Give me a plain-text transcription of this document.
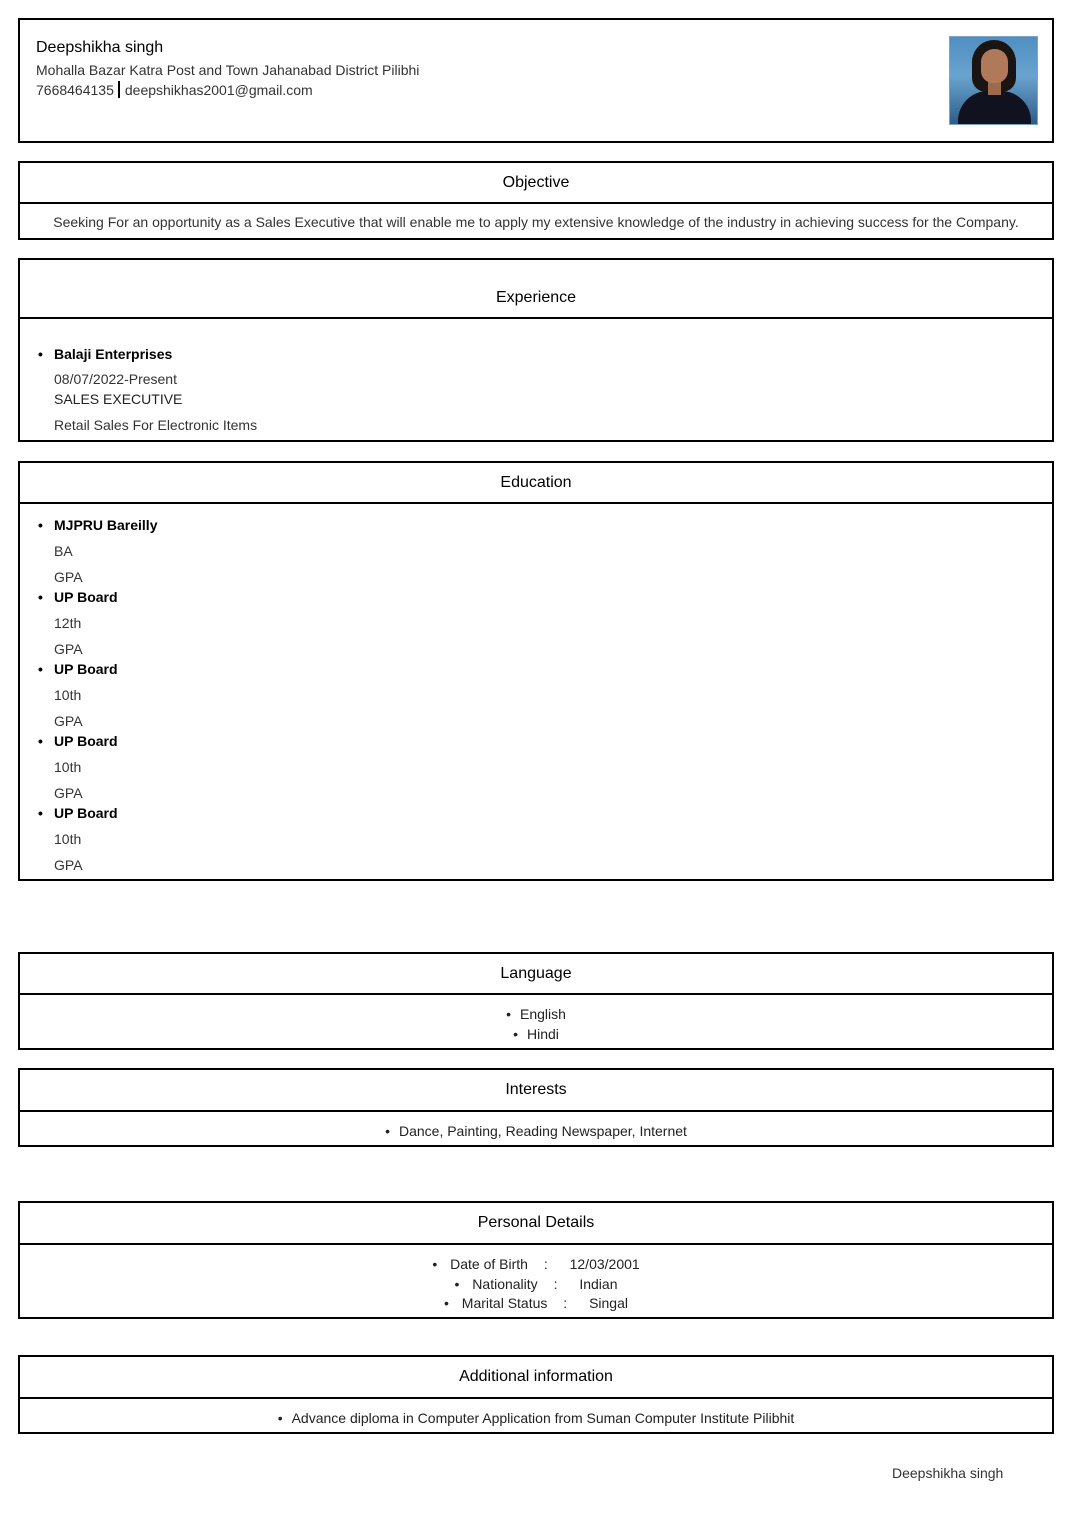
Deepshikha singh
Mohalla Bazar Katra Post and Town Jahanabad District Pilibhi
7668464135 deepshikhas2001@gmail.com
Objective
Seeking For an opportunity as a Sales Executive that will enable me to apply my extensive knowledge of the industry in achieving success for the Company.
Experience
• Balaji Enterprises
08/07/2022-Present
SALES EXECUTIVE
Retail Sales For Electronic Items
Education
• MJPRU Bareilly
BA
GPA
• UP Board
12th
GPA
• UP Board
10th
GPA
• UP Board
10th
GPA
• UP Board
10th
GPA
Language
• English
• Hindi
Interests
• Dance, Painting, Reading Newspaper, Internet
Personal Details
• Date of Birth : 12/03/2001
• Nationality : Indian
• Marital Status : Singal
Additional information
• Advance diploma in Computer Application from Suman Computer Institute Pilibhit
Deepshikha singh
